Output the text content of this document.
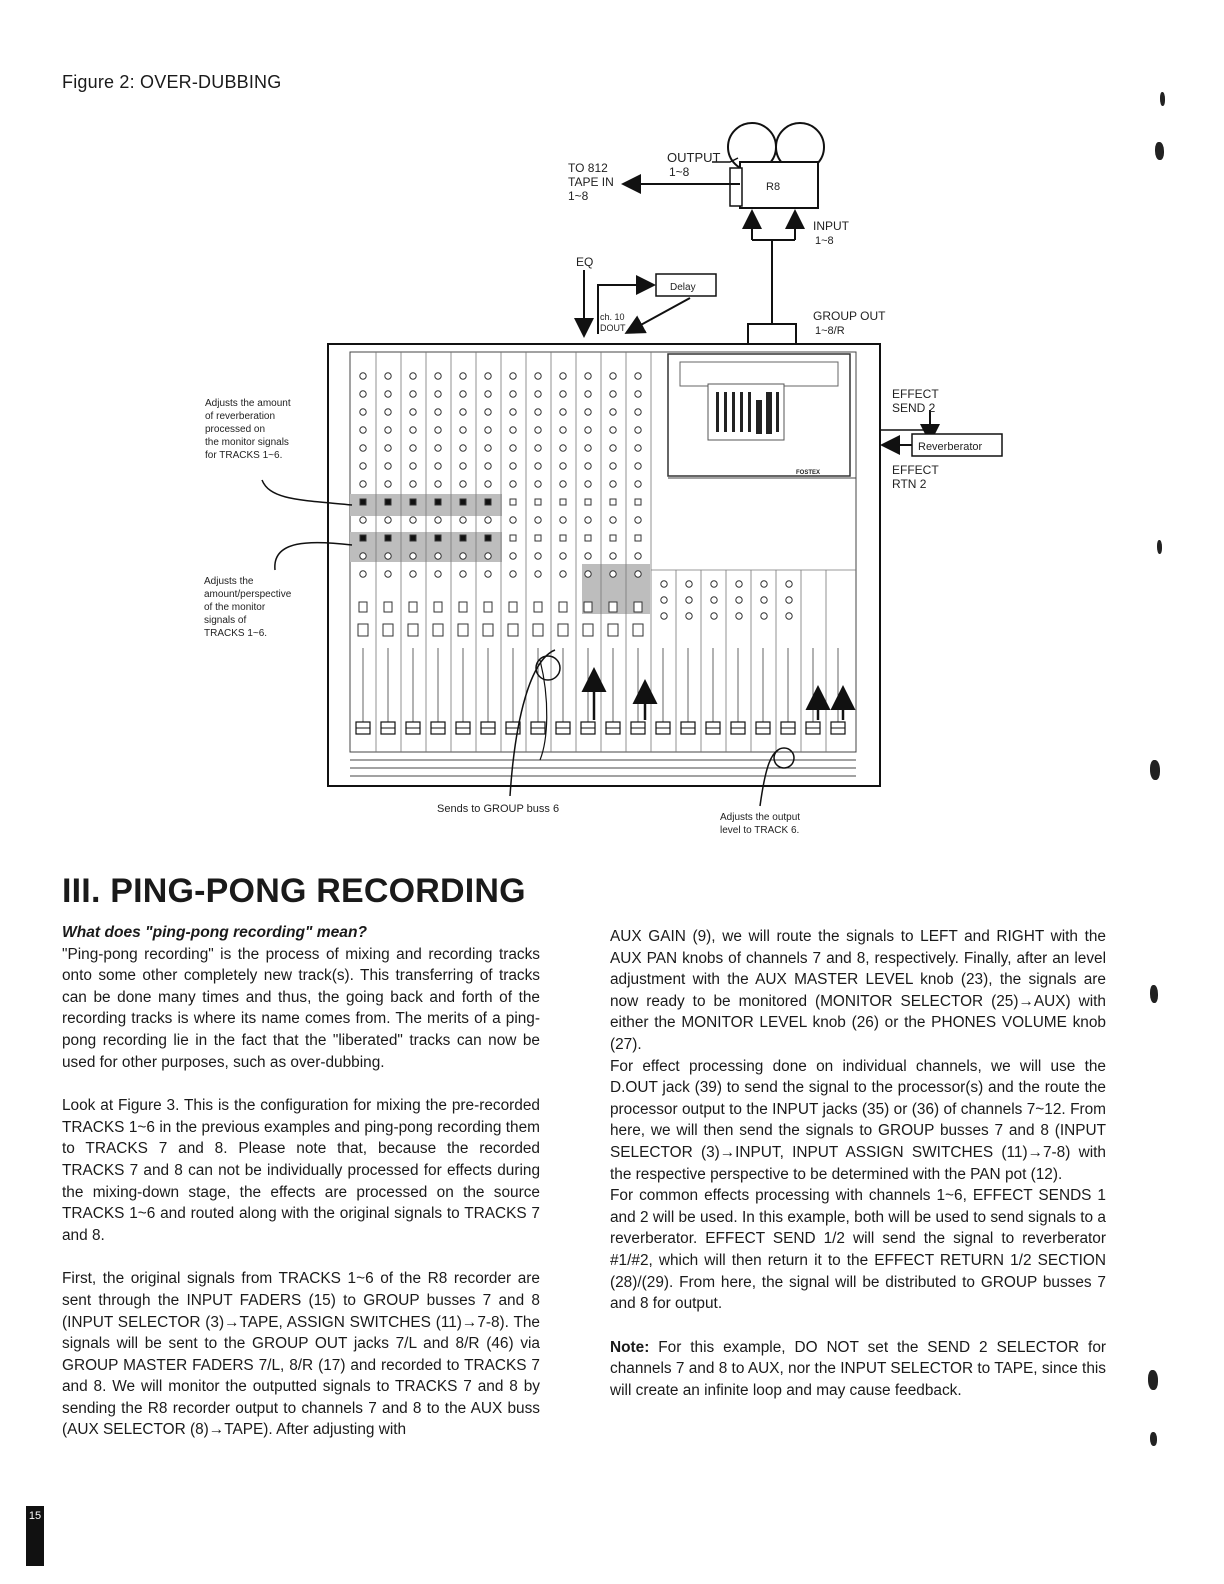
Figure 2: OVER-DUBBING
TO 812
TAPE IN
1~8
OUTPUT
1~8
R8
INPUT
1~8
EQ
Delay
ch. 10
DOUT
GROUP OUT
1~8/R
EFFECT
SEND 2
Reverberator
EFFECT
RTN 2
FOSTEX
Adjusts the amount
of reverberation
processed on
the monitor signals
for TRACKS 1~6.
Adjusts the
amount/perspective
of the monitor
signals of
TRACKS 1~6.
Sends to GROUP buss 6
Adjusts the output
level to TRACK 6.
III. PING-PONG RECORDING

What does "ping-pong recording" mean?

"Ping-pong recording" is the process of mixing and recording tracks onto some other completely new track(s). This transferring of tracks can be done many times and thus, the going back and forth of the recording tracks is where its name comes from. The merits of a ping-pong recording lie in the fact that the "liberated" tracks can now be used for other purposes, such as over-dubbing.

Look at Figure 3. This is the configuration for mixing the pre-recorded TRACKS 1~6 in the previous examples and ping-pong recording them to TRACKS 7 and 8. Please note that, because the recorded TRACKS 7 and 8 can not be individually processed for effects during the mixing-down stage, the effects are processed on the source TRACKS 1~6 and routed along with the original signals to TRACKS 7 and 8.

First, the original signals from TRACKS 1~6 of the R8 recorder are sent through the INPUT FADERS (15) to GROUP busses 7 and 8 (INPUT SELECTOR (3)→TAPE, ASSIGN SWITCHES (11)→7-8). The signals will be sent to the GROUP OUT jacks 7/L and 8/R (46) via GROUP MASTER FADERS 7/L, 8/R (17) and recorded to TRACKS 7 and 8. We will monitor the outputted signals to TRACKS 7 and 8 by sending the R8 recorder output to channels 7 and 8 to the AUX buss (AUX SELECTOR (8)→TAPE). After adjusting with

AUX GAIN (9), we will route the signals to LEFT and RIGHT with the AUX PAN knobs of channels 7 and 8, respectively. Finally, after an level adjustment with the AUX MASTER LEVEL knob (23), the signals are now ready to be monitored (MONITOR SELECTOR (25)→AUX) with either the MONITOR LEVEL knob (26) or the PHONES VOLUME knob (27).

For effect processing done on individual channels, we will use the D.OUT jack (39) to send the signal to the processor(s) and the route the processor output to the INPUT jacks (35) or (36) of channels 7~12. From here, we will then send the signals to GROUP busses 7 and 8 (INPUT SELECTOR (3)→INPUT, INPUT ASSIGN SWITCHES (11)→7-8) with the respective perspective to be determined with the PAN pot (12).

For common effects processing with channels 1~6, EFFECT SENDS 1 and 2 will be used. In this example, both will be used to send signals to a reverberator. EFFECT SEND 1/2 will send the signal to reverberator #1/#2, which will then return it to the EFFECT RETURN 1/2 SECTION (28)/(29). From here, the signal will be distributed to GROUP busses 7 and 8 for output.

Note: For this example, DO NOT set the SEND 2 SELECTOR for channels 7 and 8 to AUX, nor the INPUT SELECTOR to TAPE, since this will create an infinite loop and may cause feedback.

15
